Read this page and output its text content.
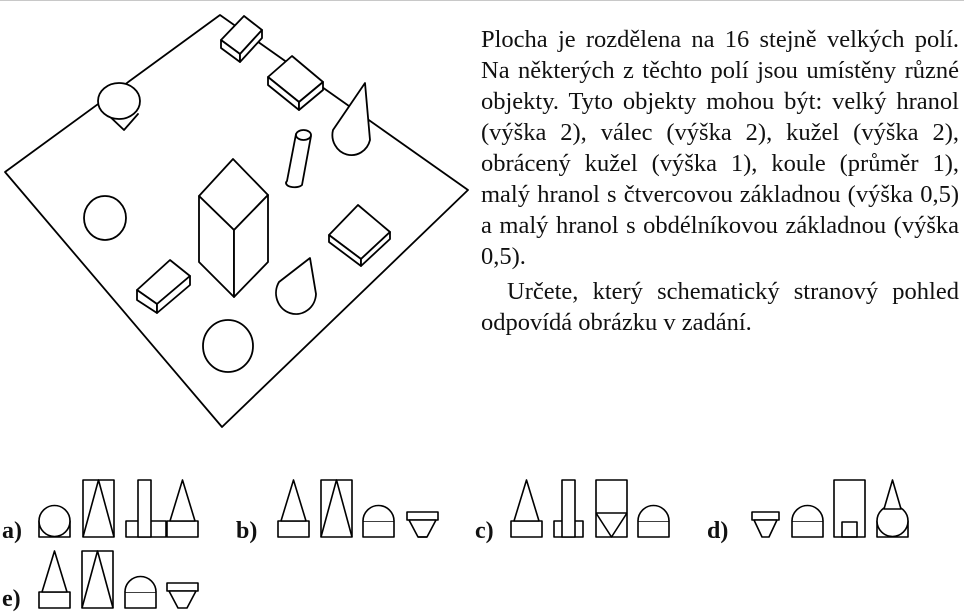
Plocha je rozdělena na 16 stejně velkých polí. Na některých z těchto polí jsou umístěny různé objekty. Tyto objekty mohou být: velký hranol (výška 2), válec (výška 2), kužel (výška 2), obrácený kužel (výška 1), koule (průměr 1), malý hranol s čtvercovou základnou (výška 0,5) a malý hranol s obdélníkovou základnou (výška 0,5).

Určete, který schematický stranový pohled odpovídá obrázku v zadání.

a)	b)	c)	d)
e)
